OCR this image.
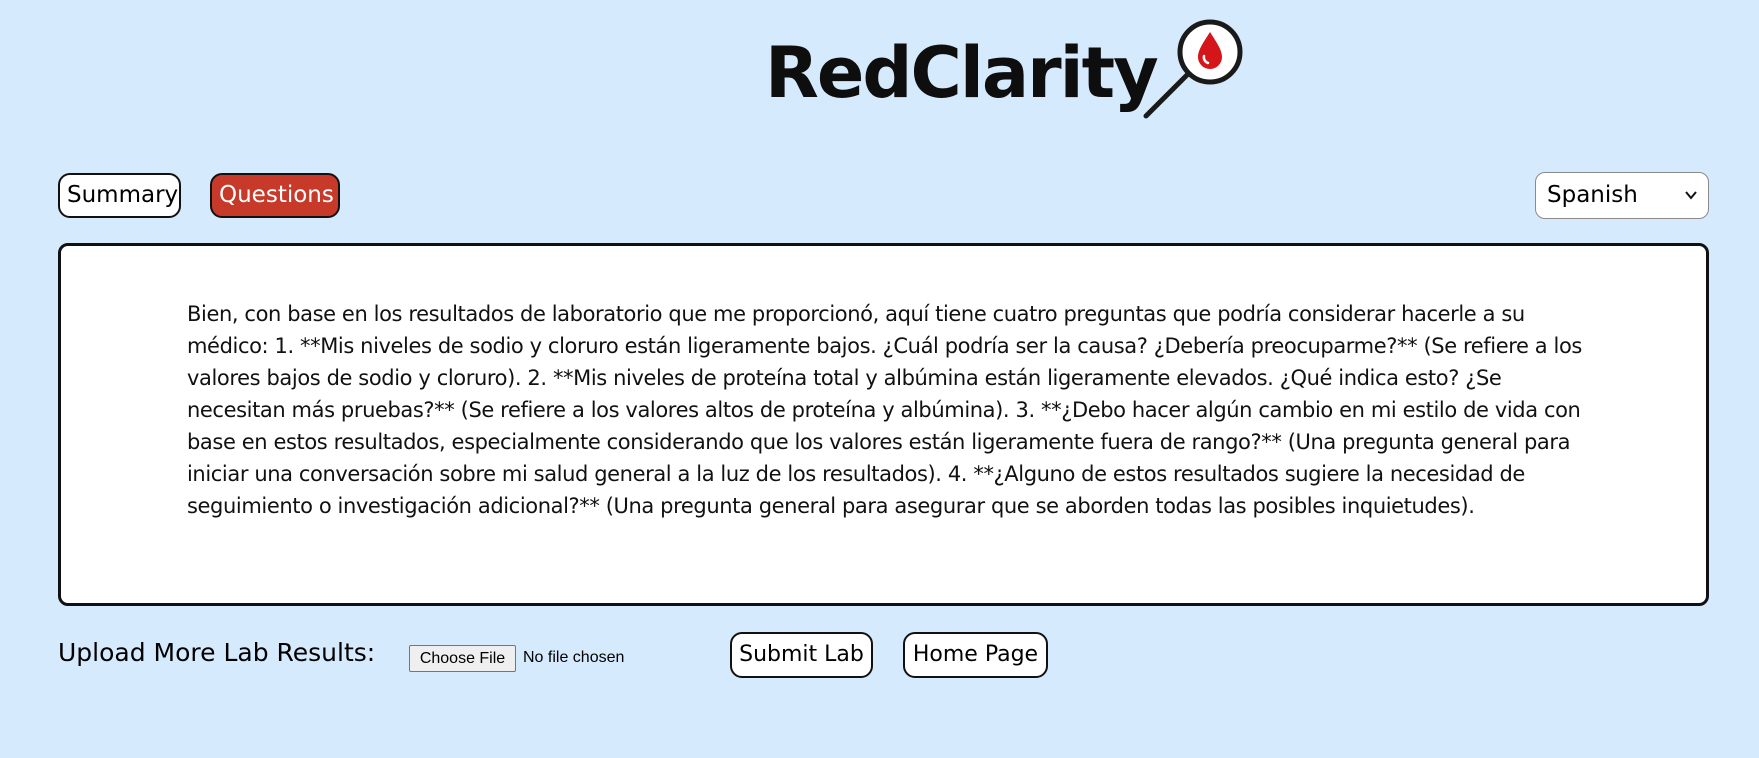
RedClarity
Summary	Questions	Spanish
Bien, con base en los resultados de laboratorio que me proporcionó, aquí tiene cuatro preguntas que podría considerar hacerle a su médico: 1. **Mis niveles de sodio y cloruro están ligeramente bajos. ¿Cuál podría ser la causa? ¿Debería preocuparme?** (Se refiere a los valores bajos de sodio y cloruro). 2. **Mis niveles de proteína total y albúmina están ligeramente elevados. ¿Qué indica esto? ¿Se necesitan más pruebas?** (Se refiere a los valores altos de proteína y albúmina). 3. **¿Debo hacer algún cambio en mi estilo de vida con base en estos resultados, especialmente considerando que los valores están ligeramente fuera de rango?** (Una pregunta general para iniciar una conversación sobre mi salud general a la luz de los resultados). 4. **¿Alguno de estos resultados sugiere la necesidad de seguimiento o investigación adicional?** (Una pregunta general para asegurar que se aborden todas las posibles inquietudes).
Upload More Lab Results:	Choose File	No file chosen	Submit Lab	Home Page
